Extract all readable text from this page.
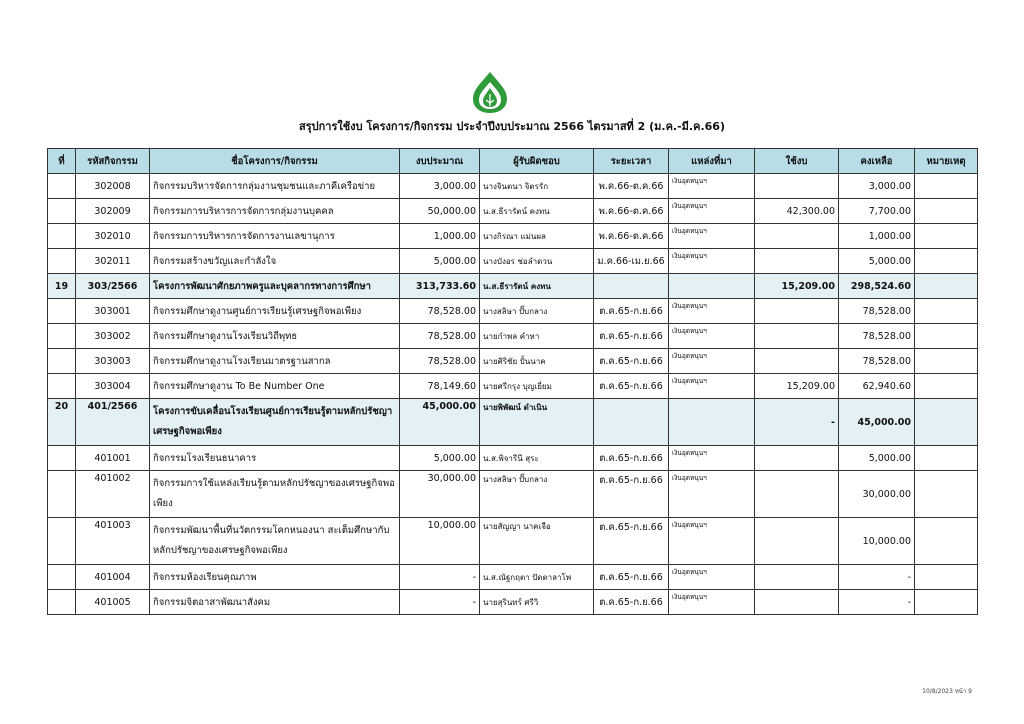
สรุปการใช้งบ โครงการ/กิจกรรม ประจำปีงบประมาณ 2566 ไตรมาสที่ 2 (ม.ค.-มี.ค.66)
ที่	รหัสกิจกรรม	ชื่อโครงการ/กิจกรรม	งบประมาณ	ผู้รับผิดชอบ	ระยะเวลา	แหล่งที่มา	ใช้งบ	คงเหลือ	หมายเหตุ
	302008	กิจกรรมบริหารจัดการกลุ่มงานชุมชนและภาคีเครือข่าย	3,000.00	นางจินตนา จิตรรัก	พ.ค.66-ต.ค.66	เงินอุดหนุนฯ		3,000.00	
	302009	กิจกรรมการบริหารการจัดการกลุ่มงานบุคคล	50,000.00	น.ส.ธีรารัตน์ คงทน	พ.ค.66-ต.ค.66	เงินอุดหนุนฯ	42,300.00	7,700.00	
	302010	กิจกรรมการบริหารการจัดการงานเลขานุการ	1,000.00	นางกิรณา แม่นผล	พ.ค.66-ต.ค.66	เงินอุดหนุนฯ		1,000.00	
	302011	กิจกรรมสร้างขวัญและกำลังใจ	5,000.00	นางบังอร ช่อลำดวน	ม.ค.66-เม.ย.66	เงินอุดหนุนฯ		5,000.00	
19	303/2566	โครงการพัฒนาศักยภาพครูและบุคลากรทางการศึกษา	313,733.60	น.ส.ธีรารัตน์ คงทน			15,209.00	298,524.60	
	303001	กิจกรรมศึกษาดูงานศูนย์การเรียนรู้เศรษฐกิจพอเพียง	78,528.00	นางสลิษา ปั๊บกลาง	ต.ค.65-ก.ย.66	เงินอุดหนุนฯ		78,528.00	
	303002	กิจกรรมศึกษาดูงานโรงเรียนวิถีพุทธ	78,528.00	นายกำพล คำหา	ต.ค.65-ก.ย.66	เงินอุดหนุนฯ		78,528.00	
	303003	กิจกรรมศึกษาดูงานโรงเรียนมาตรฐานสากล	78,528.00	นายศิริชัย ปั้นนาค	ต.ค.65-ก.ย.66	เงินอุดหนุนฯ		78,528.00	
	303004	กิจกรรมศึกษาดูงาน To Be Number One	78,149.60	นายศรีกรุง บุญเยี่ยม	ต.ค.65-ก.ย.66	เงินอุดหนุนฯ	15,209.00	62,940.60	
20	401/2566	โครงการขับเคลื่อนโรงเรียนศูนย์การเรียนรู้ตามหลักปรัชญาเศรษฐกิจพอเพียง	45,000.00	นายพิพัฒน์ ดำเนิน			-	45,000.00	
	401001	กิจกรรมโรงเรียนธนาคาร	5,000.00	น.ส.พิจารีนี สุระ	ต.ค.65-ก.ย.66	เงินอุดหนุนฯ		5,000.00	
	401002	กิจกรรมการใช้แหล่งเรียนรู้ตามหลักปรัชญาของเศรษฐกิจพอเพียง	30,000.00	นางสลิษา ปั๊บกลาง	ต.ค.65-ก.ย.66	เงินอุดหนุนฯ		30,000.00	
	401003	กิจกรรมพัฒนาพื้นที่นวัตกรรมโคกหนองนา สะเต็มศึกษากับหลักปรัชญาของเศรษฐกิจพอเพียง	10,000.00	นายสัญญา นาคเจือ	ต.ค.65-ก.ย.66	เงินอุดหนุนฯ		10,000.00	
	401004	กิจกรรมห้องเรียนคุณภาพ	-	น.ส.ณัฐกฤตา ปัดตาลาโพ	ต.ค.65-ก.ย.66	เงินอุดหนุนฯ		-	
	401005	กิจกรรมจิตอาสาพัฒนาสังคม	-	นายสุรินทร์ ศรีวิ	ต.ค.65-ก.ย.66	เงินอุดหนุนฯ		-	
10/8/2023 หน้า 9
